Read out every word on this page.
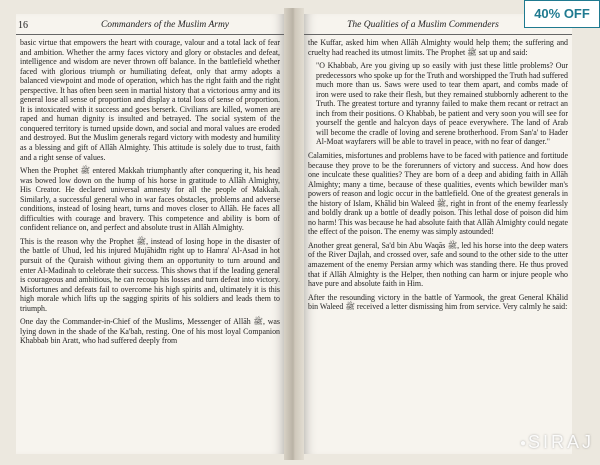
16	Commanders of the Muslim Army

basic virtue that empowers the heart with courage, valour and a total lack of fear and ambition. Whether the army faces victory and glory or obstacles and defeat, intelligence and wisdom are never thrown off balance. In the battlefield whether faced with glorious triumph or humiliating defeat, only that army adopts a balanced viewpoint and mode of operation, which has the right faith and the right perspective. It has often been seen in martial history that a victorious army and its general lose all sense of proportion and display a total loss of sense of proportion. It is intoxicated with it success and goes berserk. Civilians are killed, women are raped and human dignity is insulted and betrayed. The social system of the conquered territory is turned upside down, and social and moral values are eroded and destroyed. But the Muslim generals regard victory with modesty and humility as a blessing and gift of Allāh Almighty. This attitude is solely due to trust, faith and a right sense of values.

When the Prophet ﷺ entered Makkah triumphantly after conquering it, his head was bowed low down on the hump of his horse in gratitude to Allāh Almighty, His Creator. He declared universal amnesty for all the people of Makkah. Similarly, a successful general who in war faces obstacles, problems and adverse conditions, instead of losing heart, turns and moves closer to Allāh. He faces all difficulties with courage and bravery. This competence and ability is born of confident reliance on, and perfect and absolute trust in Allāh Almighty.

This is the reason why the Prophet ﷺ, instead of losing hope in the disaster of the battle of Uhud, led his injured Mujāhidīn right up to Hamra' Al-Asad in hot pursuit of the Quraish without giving them an opportunity to turn around and enter Al-Madinah to celebrate their success. This shows that if the leading general is courageous and ambitious, he can recoup his losses and turn defeat into victory. Misfortunes and defeats fail to overcome his high spirits and, ultimately it is this high morale which lifts up the sagging spirits of his soldiers and leads them to triumph.

One day the Commander-in-Chief of the Muslims, Messenger of Allāh ﷺ, was lying down in the shade of the Ka'bah, resting. One of his most loyal Companion Khabbab bin Aratt, who had suffered deeply from

The Qualities of a Muslim Commenders

the Kuffar, asked him when Allāh Almighty would help them; the suffering and cruelty had reached its utmost limits. The Prophet ﷺ sat up and said:

"O Khabbab, Are you giving up so easily with just these little problems? Our predecessors who spoke up for the Truth and worshipped the Truth had suffered much more than us. Saws were used to tear them apart, and combs made of iron were used to rake their flesh, but they remained stubbornly adherent to the Truth. The greatest torture and tyranny failed to make them recant or retract an inch from their positions. O Khabbab, be patient and very soon you will see for yourself the gentle and halcyon days of peace everywhere. The land of Arab will become the cradle of loving and serene brotherhood. From San'a' to Hader Al-Moat wayfarers will be able to travel in peace, with no fear of danger."

Calamities, misfortunes and problems have to be faced with patience and fortitude because they prove to be the forerunners of victory and success. And how does one inculcate these qualities? They are born of a deep and abiding faith in Allāh Almighty; many a time, because of these qualities, events which bewilder man's powers of reason and logic occur in the battlefield. One of the greatest generals in the history of Islam, Khālid bin Waleed ﷺ, right in front of the enemy fearlessly and boldly drank up a bottle of deadly poison. This lethal dose of poison did him no harm! This was because he had absolute faith that Allāh Almighty could negate the effect of the poison. The enemy was simply astounded!

Another great general, Sa'd bin Abu Waqās ﷺ, led his horse into the deep waters of the River Dajlah, and crossed over, safe and sound to the other side to the utter amazement of the enemy Persian army which was standing there. He thus proved that if Allāh Almighty is the Helper, then nothing can harm or injure people who have pure and absolute faith in Him.

After the resounding victory in the battle of Yarmook, the great General Khālid bin Waleed ﷺ received a letter dismissing him from service. Very calmly he said:

40% OFF
● SIRAJ
